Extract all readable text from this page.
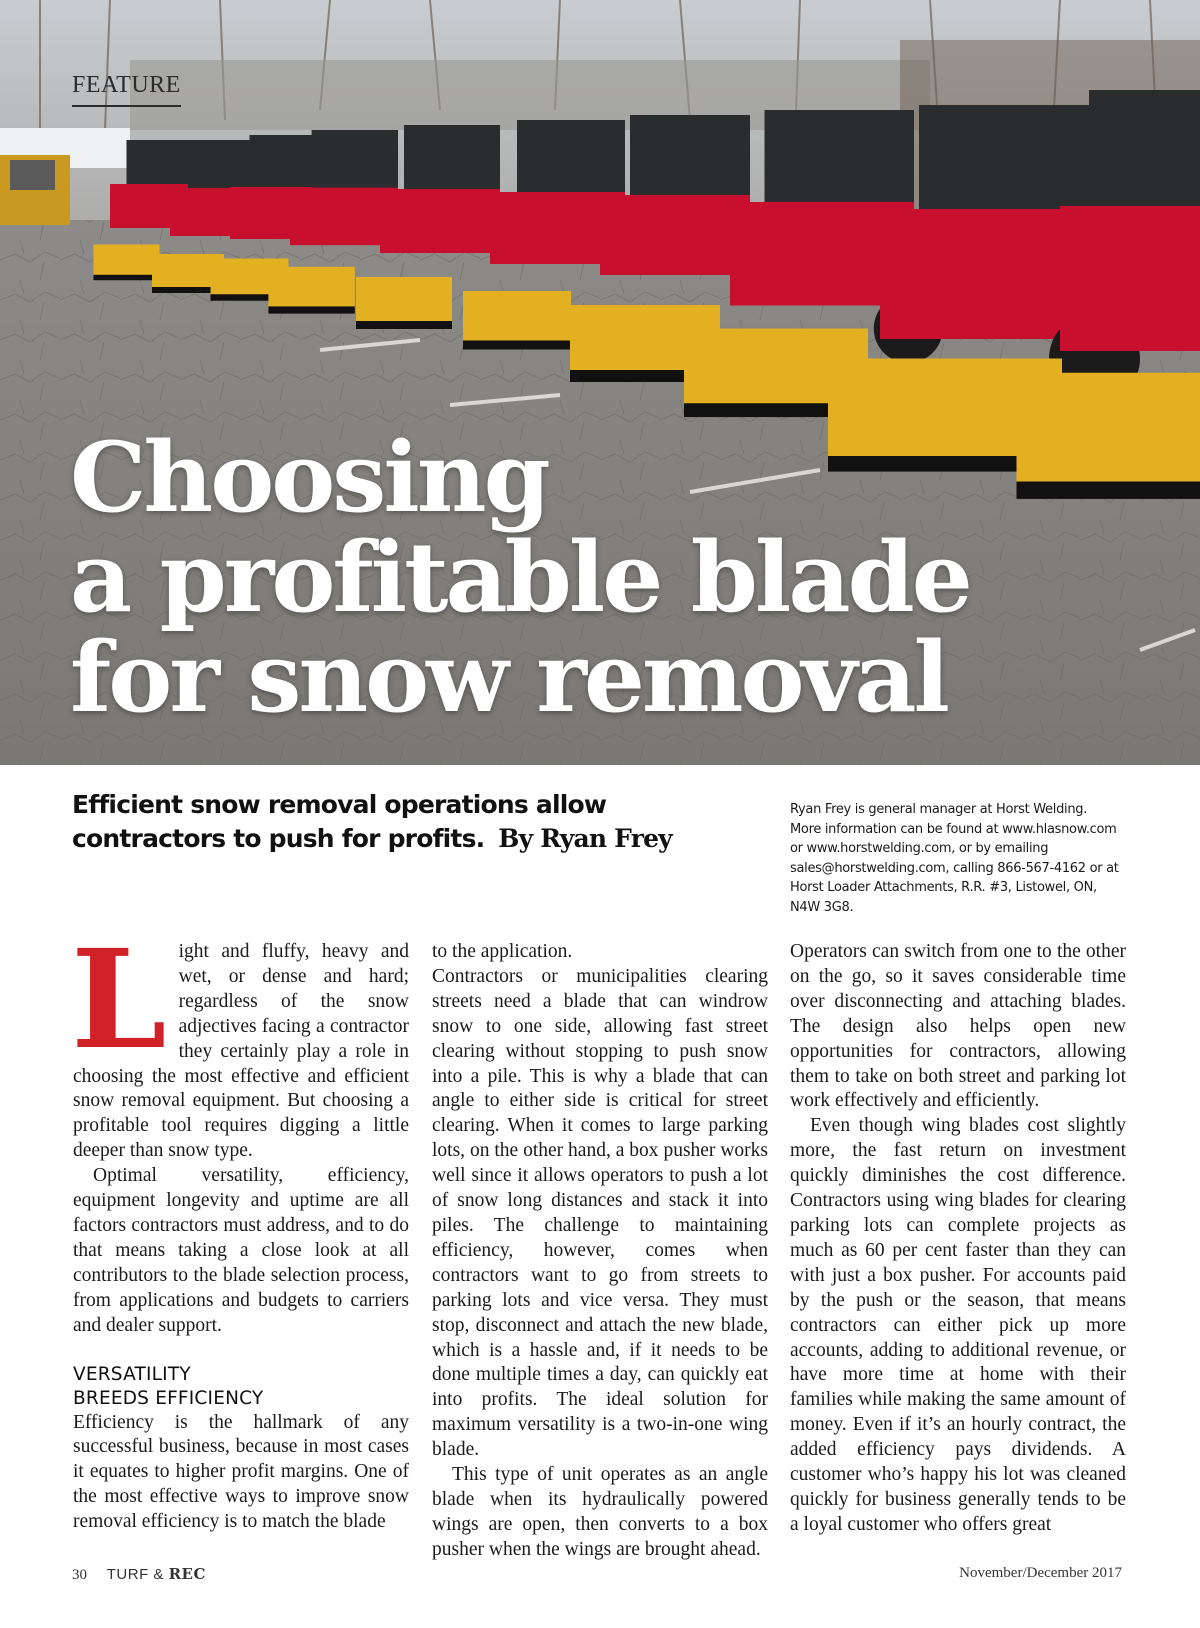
FEATURE
Choosing
a profitable blade
for snow removal
Efficient snow removal operations allow contractors to push for profits. By Ryan Frey
Ryan Frey is general manager at Horst Welding. More information can be found at www.hlasnow.com or www.horstwelding.com, or by emailing sales@horstwelding.com, calling 866-567-4162 or at Horst Loader Attachments, R.R. #3, Listowel, ON, N4W 3G8.

Light and fluffy, heavy and wet, or dense and hard; regardless of the snow adjectives facing a contractor they certainly play a role in choosing the most effective and efficient snow removal equipment. But choosing a profitable tool requires digging a little deeper than snow type.

Optimal versatility, efficiency, equipment longevity and uptime are all factors contractors must address, and to do that means taking a close look at all contributors to the blade selection process, from applications and budgets to carriers and dealer support.

VERSATILITY
BREEDS EFFICIENCY

Efficiency is the hallmark of any successful business, because in most cases it equates to higher profit margins. One of the most effective ways to improve snow removal efficiency is to match the blade

to the application.

Contractors or municipalities clearing streets need a blade that can windrow snow to one side, allowing fast street clearing without stopping to push snow into a pile. This is why a blade that can angle to either side is critical for street clearing. When it comes to large parking lots, on the other hand, a box pusher works well since it allows operators to push a lot of snow long distances and stack it into piles. The challenge to maintaining efficiency, however, comes when contractors want to go from streets to parking lots and vice versa. They must stop, disconnect and attach the new blade, which is a hassle and, if it needs to be done multiple times a day, can quickly eat into profits. The ideal solution for maximum versatility is a two-in-one wing blade.

This type of unit operates as an angle blade when its hydraulically powered wings are open, then converts to a box pusher when the wings are brought ahead.

Operators can switch from one to the other on the go, so it saves considerable time over disconnecting and attaching blades. The design also helps open new opportunities for contractors, allowing them to take on both street and parking lot work effectively and efficiently.

Even though wing blades cost slightly more, the fast return on investment quickly diminishes the cost difference. Contractors using wing blades for clearing parking lots can complete projects as much as 60 per cent faster than they can with just a box pusher. For accounts paid by the push or the season, that means contractors can either pick up more accounts, adding to additional revenue, or have more time at home with their families while making the same amount of money. Even if it’s an hourly contract, the added efficiency pays dividends. A customer who’s happy his lot was cleaned quickly for business generally tends to be a loyal customer who offers great

30 TURF & REC	November/December 2017
